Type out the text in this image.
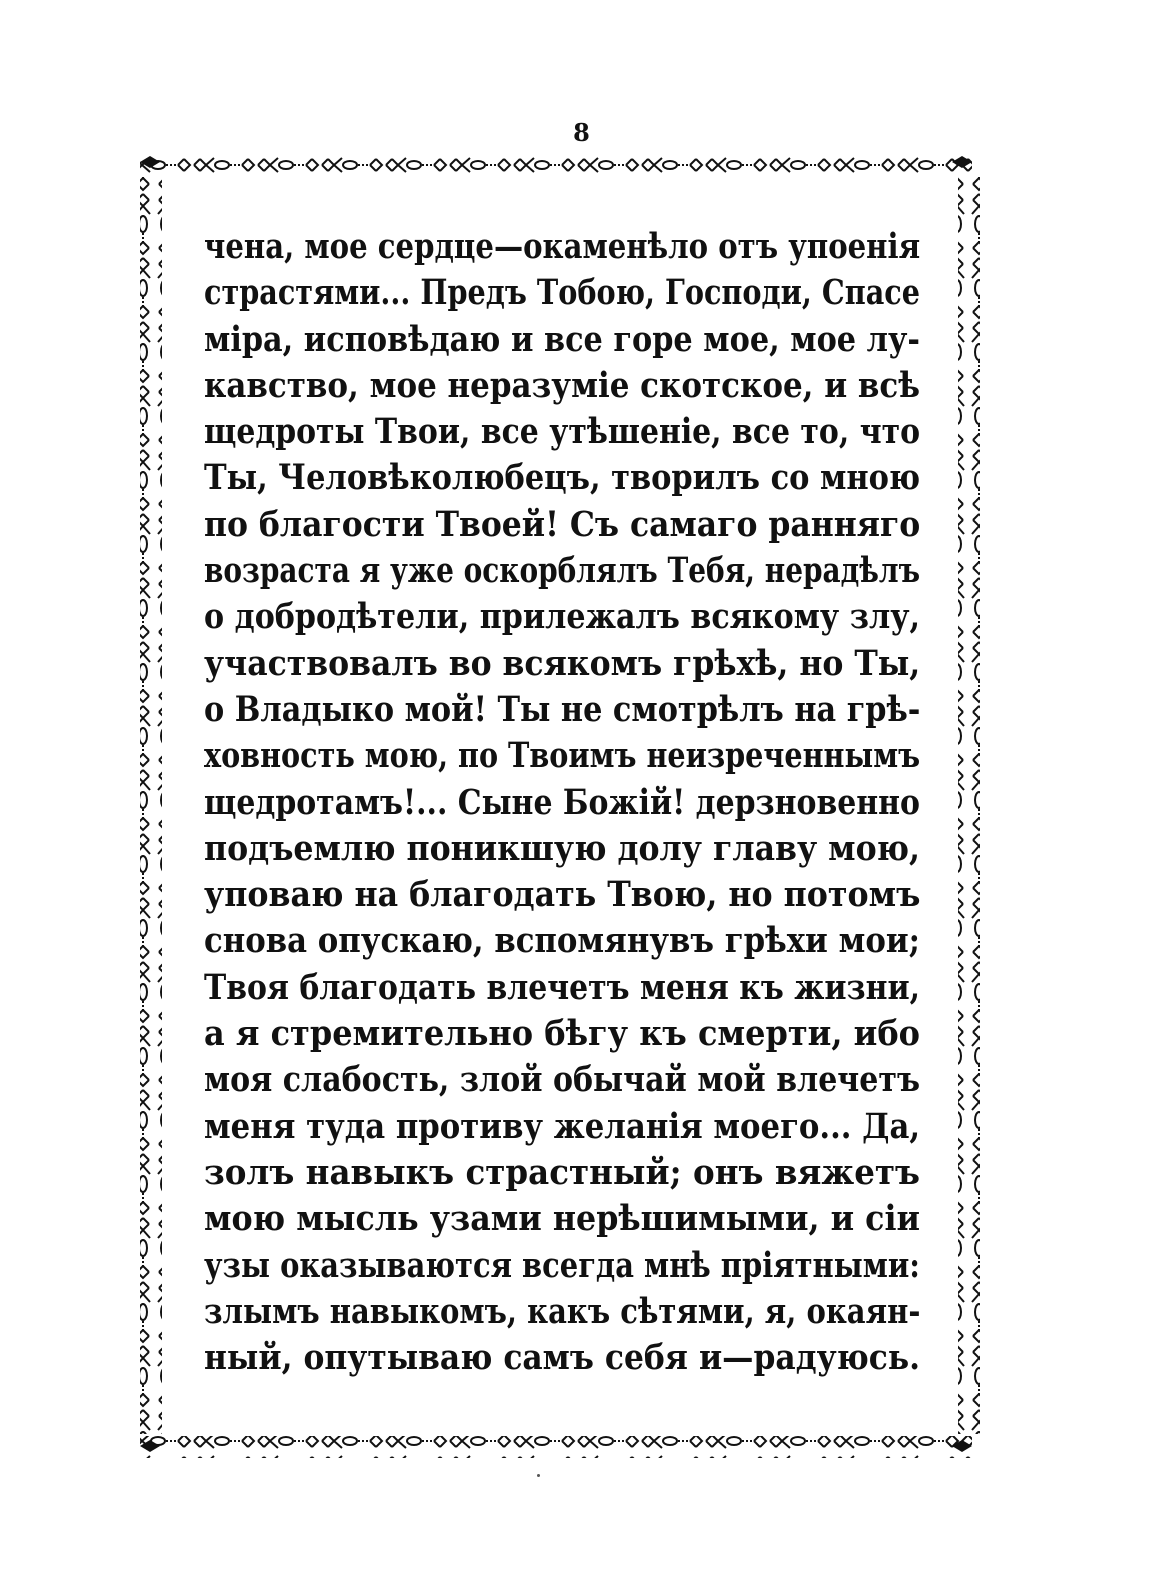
8
чена, мое сердце—окаменѣло отъ упоенія
страстями... Предъ Тобою, Господи, Спасе
міра, исповѣдаю и все горе мое, мое лу-
кавство, мое неразуміе скотское, и всѣ
щедроты Твои, все утѣшеніе, все то, что
Ты, Человѣколюбецъ, творилъ со мною
по благости Твоей! Съ самаго ранняго
возраста я уже оскорблялъ Тебя, нерадѣлъ
о добродѣтели, прилежалъ всякому злу,
участвовалъ во всякомъ грѣхѣ, но Ты,
о Владыко мой! Ты не смотрѣлъ на грѣ-
ховность мою, по Твоимъ неизреченнымъ
щедротамъ!... Сыне Божій! дерзновенно
подъемлю поникшую долу главу мою,
уповаю на благодать Твою, но потомъ
снова опускаю, вспомянувъ грѣхи мои;
Твоя благодать влечетъ меня къ жизни,
а я стремительно бѣгу къ смерти, ибо
моя слабость, злой обычай мой влечетъ
меня туда противу желанія моего... Да,
золъ навыкъ страстный; онъ вяжетъ
мою мысль узами нерѣшимыми, и сіи
узы оказываются всегда мнѣ пріятными:
злымъ навыкомъ, какъ сѣтями, я, окаян-
ный, опутываю самъ себя и—радуюсь.
